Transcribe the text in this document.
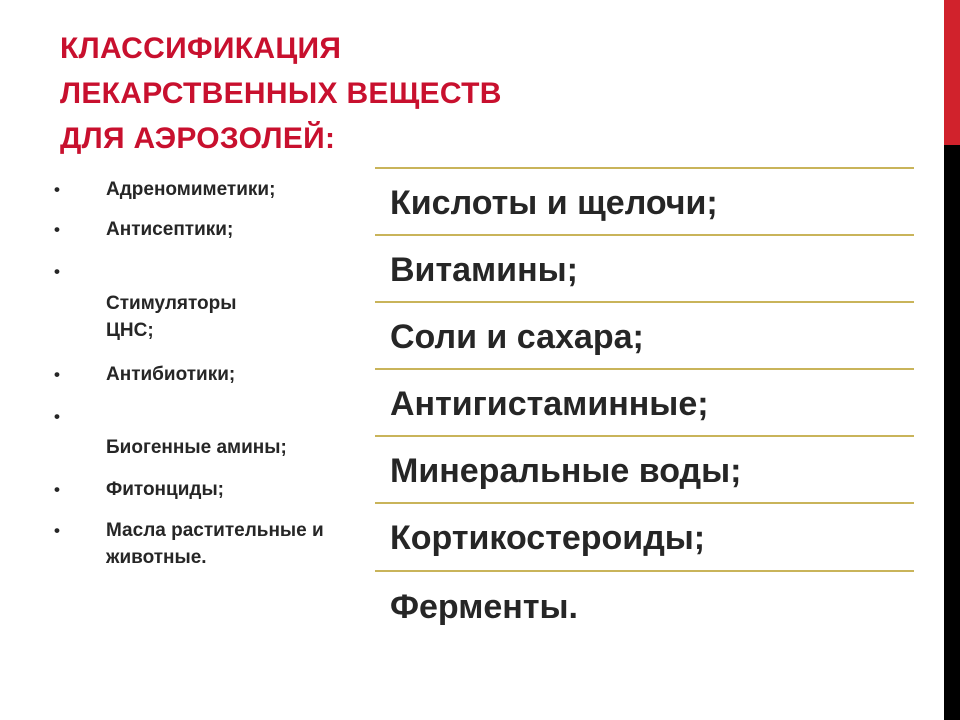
КЛАССИФИКАЦИЯ
ЛЕКАРСТВЕННЫХ ВЕЩЕСТВ
ДЛЯ АЭРОЗОЛЕЙ:
•	Адреномиметики;
•	Антисептики;
•
Стимуляторы
ЦНС;
•	Антибиотики;
•
Биогенные амины;
•	Фитонциды;
•	Масла растительные и животные.
Кислоты и щелочи;
Витамины;
Соли и сахара;
Антигистаминные;
Минеральные воды;
Кортикостероиды;
Ферменты.
